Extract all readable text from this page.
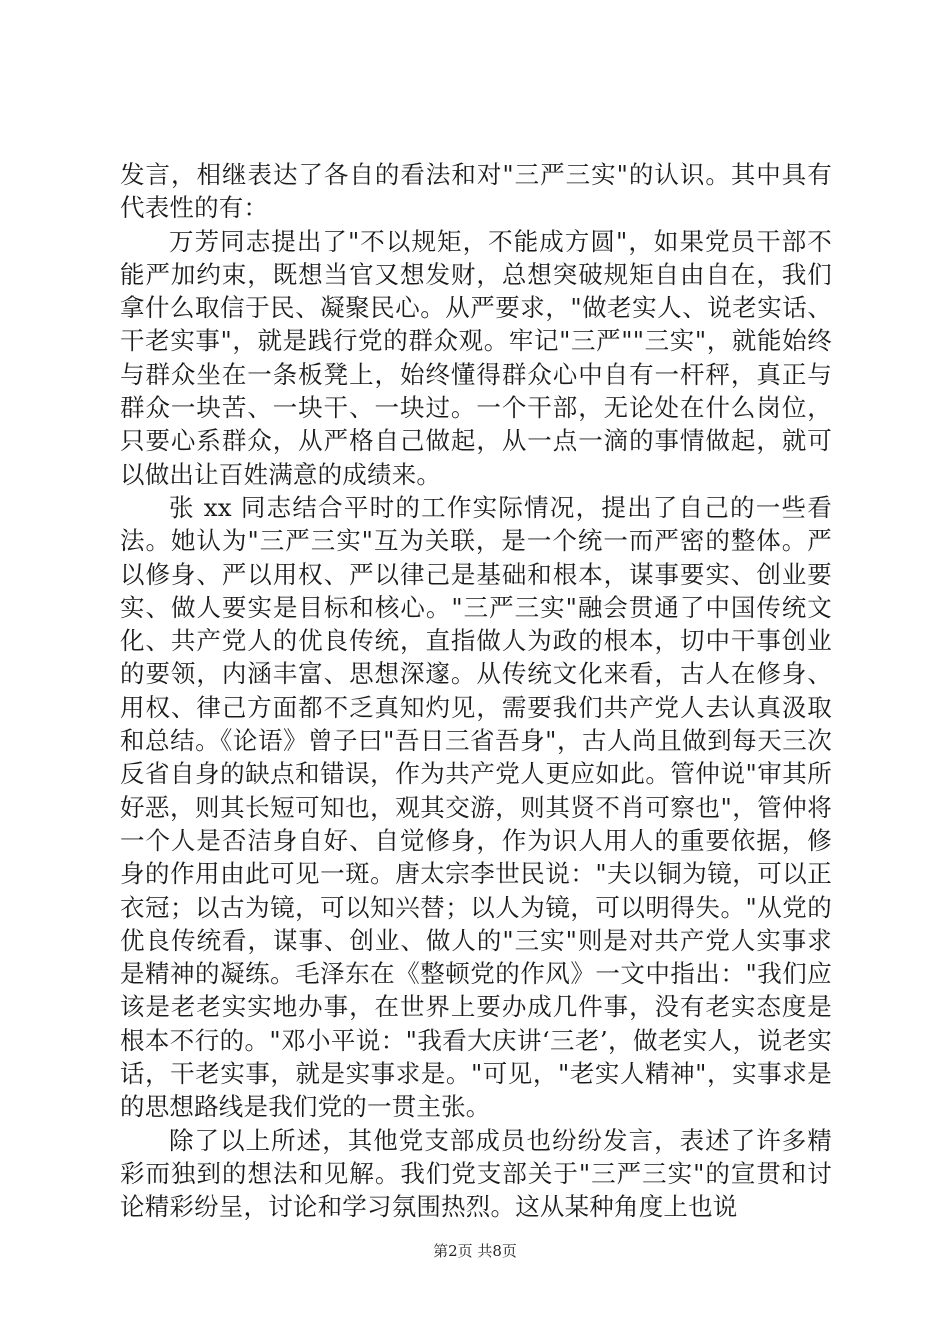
发言，相继表达了各自的看法和对"三严三实"的认识。其中具有代表性的有：

万芳同志提出了"不以规矩，不能成方圆"，如果党员干部不能严加约束，既想当官又想发财，总想突破规矩自由自在，我们拿什么取信于民、凝聚民心。从严要求，"做老实人、说老实话、干老实事"，就是践行党的群众观。牢记"三严""三实"，就能始终与群众坐在一条板凳上，始终懂得群众心中自有一杆秤，真正与群众一块苦、一块干、一块过。一个干部，无论处在什么岗位，只要心系群众，从严格自己做起，从一点一滴的事情做起，就可以做出让百姓满意的成绩来。

张 xx 同志结合平时的工作实际情况，提出了自己的一些看法。她认为"三严三实"互为关联，是一个统一而严密的整体。严以修身、严以用权、严以律己是基础和根本，谋事要实、创业要实、做人要实是目标和核心。"三严三实"融会贯通了中国传统文化、共产党人的优良传统，直指做人为政的根本，切中干事创业的要领，内涵丰富、思想深邃。从传统文化来看，古人在修身、用权、律己方面都不乏真知灼见，需要我们共产党人去认真汲取和总结。《论语》曾子曰"吾日三省吾身"，古人尚且做到每天三次反省自身的缺点和错误，作为共产党人更应如此。管仲说"审其所好恶，则其长短可知也，观其交游，则其贤不肖可察也"，管仲将一个人是否洁身自好、自觉修身，作为识人用人的重要依据，修身的作用由此可见一斑。唐太宗李世民说："夫以铜为镜，可以正衣冠；以古为镜，可以知兴替；以人为镜，可以明得失。"从党的优良传统看，谋事、创业、做人的"三实"则是对共产党人实事求是精神的凝练。毛泽东在《整顿党的作风》一文中指出："我们应该是老老实实地办事，在世界上要办成几件事，没有老实态度是根本不行的。"邓小平说："我看大庆讲‘三老’，做老实人，说老实话，干老实事，就是实事求是。"可见，"老实人精神"，实事求是的思想路线是我们党的一贯主张。

除了以上所述，其他党支部成员也纷纷发言，表述了许多精彩而独到的想法和见解。我们党支部关于"三严三实"的宣贯和讨论精彩纷呈，讨论和学习氛围热烈。这从某种角度上也说

第2页 共8页
